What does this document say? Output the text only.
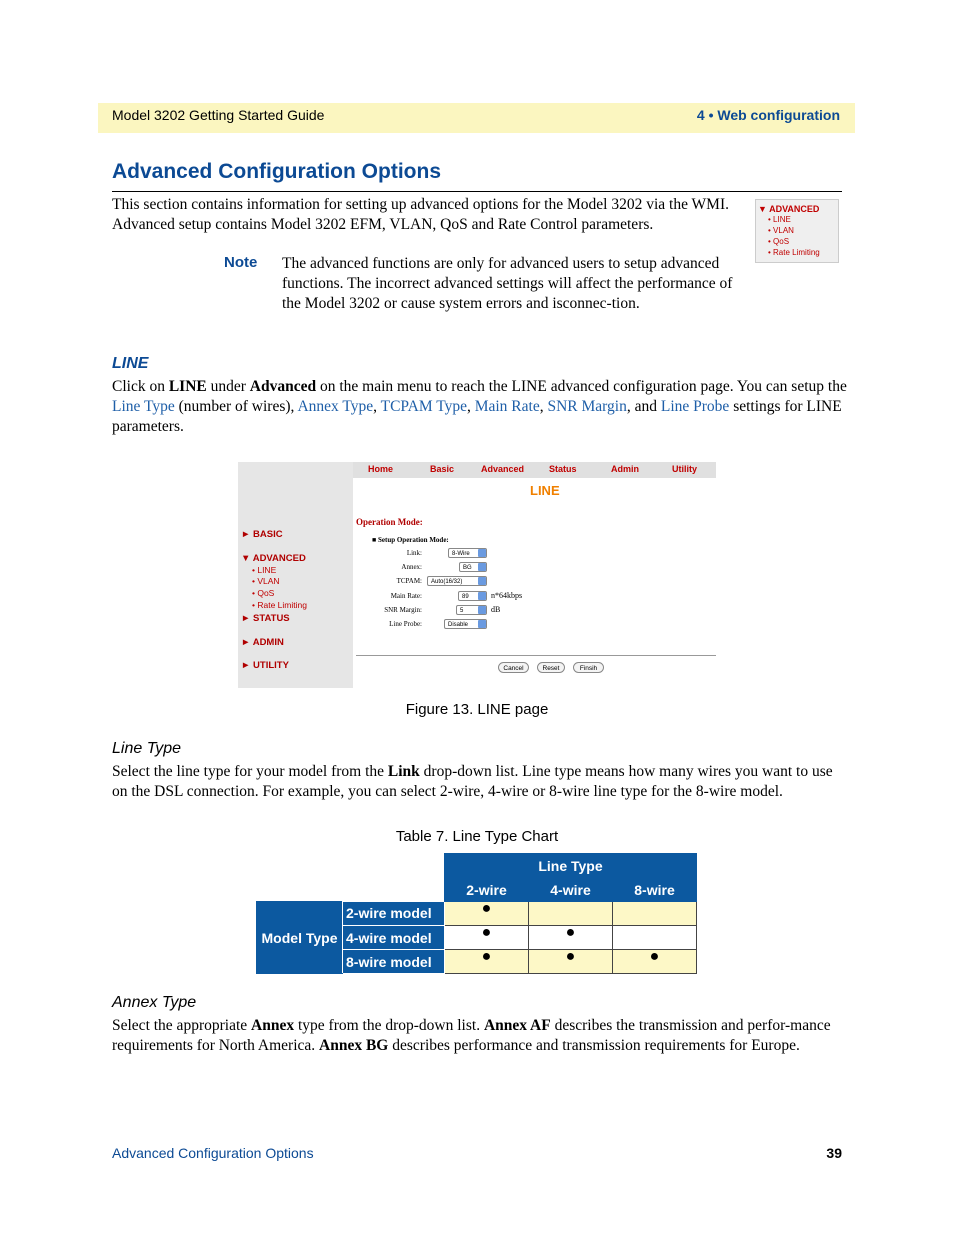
Model 3202 Getting Started Guide	4 • Web configuration
Advanced Configuration Options
This section contains information for setting up advanced options for the Model 3202 via the WMI. Advanced setup contains Model 3202 EFM, VLAN, QoS and Rate Control parameters.
▼ ADVANCED
• LINE
• VLAN
• QoS
• Rate Limiting
Note The advanced functions are only for advanced users to setup advanced functions. The incorrect advanced settings will affect the performance of the Model 3202 or cause system errors and isconnec-tion.
LINE
Click on LINE under Advanced on the main menu to reach the LINE advanced configuration page. You can setup the Line Type (number of wires), Annex Type, TCPAM Type, Main Rate, SNR Margin, and Line Probe settings for LINE parameters.
Home	Basic	Advanced	Status	Admin	Utility
LINE
► BASIC
▼ ADVANCED
• LINE
• VLAN
• QoS
• Rate Limiting
► STATUS
► ADMIN
► UTILITY
Operation Mode:
■ Setup Operation Mode:
Link:	8-Wire
Annex:	BG
TCPAM:	Auto(16/32)
Main Rate:	89	n*64kbps
SNR Margin:	5	dB
Line Probe:	Disable
Cancel	Reset	Finsih
Figure 13. LINE page
Line Type
Select the line type for your model from the Link drop-down list. Line type means how many wires you want to use on the DSL connection. For example, you can select 2-wire, 4-wire or 8-wire line type for the 8-wire model.
Table 7. Line Type Chart
		Line Type		
		2-wire	4-wire	8-wire
Model Type	2-wire model	●		
	4-wire model	●	●	
	8-wire model	●	●	●
Annex Type
Select the appropriate Annex type from the drop-down list. Annex AF describes the transmission and perfor-mance requirements for North America. Annex BG describes performance and transmission requirements for Europe.
Advanced Configuration Options	39
